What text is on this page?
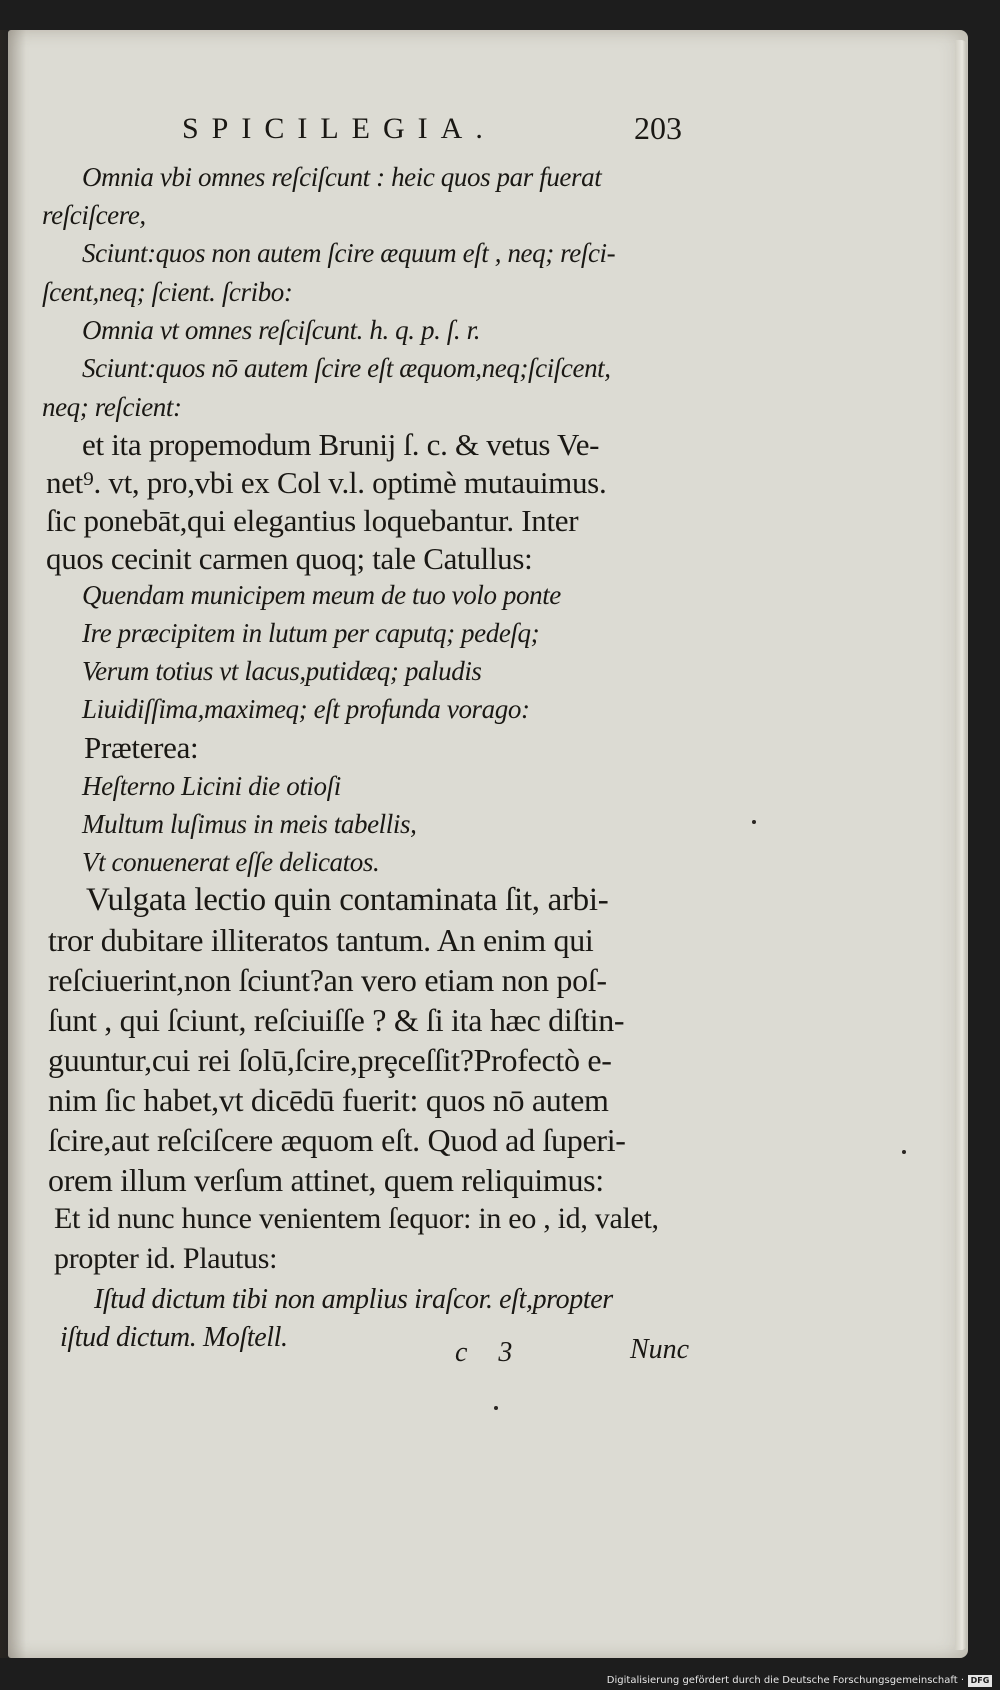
SPICILEGIA.	203
Omnia vbi omnes reſciſcunt : heic quos par fuerat
reſciſcere,
Sciunt:quos non autem ſcire æquum eſt , neq; reſci-
ſcent,neq; ſcient. ſcribo:
Omnia vt omnes reſciſcunt. h. q. p. ſ. r.
Sciunt:quos nō autem ſcire eſt æquom,neq;ſciſcent,
neq; reſcient:
et ita propemodum Brunij ſ. c. & vetus Ve-
net⁹. vt, pro,vbi ex Col v.l. optimè mutauimus.
ſic ponebāt,qui elegantius loquebantur. Inter
quos cecinit carmen quoq; tale Catullus:
Quendam municipem meum de tuo volo ponte
Ire præcipitem in lutum per caputq; pedeſq;
Verum totius vt lacus,putidæq; paludis
Liuidiſſima,maximeq; eſt profunda vorago:
Præterea:
Heſterno Licini die otioſi
Multum luſimus in meis tabellis,
Vt conuenerat eſſe delicatos.
Vulgata lectio quin contaminata ſit, arbi-
tror dubitare illiteratos tantum. An enim qui
reſciuerint,non ſciunt?an vero etiam non poſ-
ſunt , qui ſciunt, reſciuiſſe ? & ſi ita hæc diſtin-
guuntur,cui rei ſolū,ſcire,prȩceſſit?Profectò e-
nim ſic habet,vt dicēdū fuerit: quos nō autem
ſcire,aut reſciſcere æquom eſt. Quod ad ſuperi-
orem illum verſum attinet, quem reliquimus:
Et id nunc hunce venientem ſequor: in eo , id, valet,
propter id. Plautus:
Iſtud dictum tibi non amplius iraſcor. eſt,propter
iſtud dictum. Moſtell.	c 3	Nunc
Digitalisierung gefördert durch die Deutsche Forschungsgemeinschaft · DFG
